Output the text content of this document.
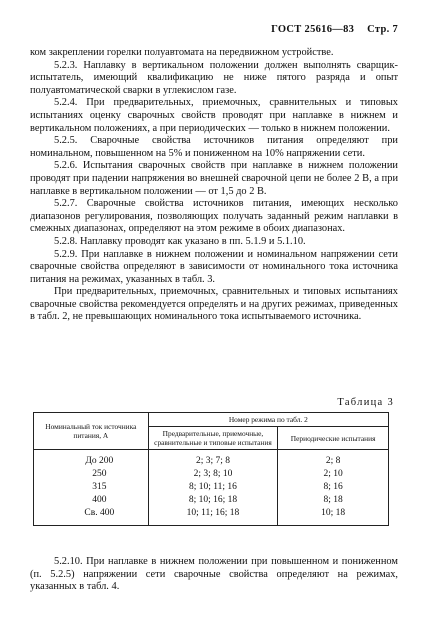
ГОСТ 25616—83 Стр. 7

ком закреплении горелки полуавтомата на передвижном устройстве.

5.2.3. Наплавку в вертикальном положении должен выполнять сварщик-испытатель, имеющий квалификацию не ниже пятого разряда и опыт полуавтоматической сварки в углекислом газе.

5.2.4. При предварительных, приемочных, сравнительных и типовых испытаниях оценку сварочных свойств проводят при наплавке в нижнем и вертикальном положениях, а при периодических — только в нижнем положении.

5.2.5. Сварочные свойства источников питания определяют при номинальном, повышенном на 5% и пониженном на 10% напряжении сети.

5.2.6. Испытания сварочных свойств при наплавке в нижнем положении проводят при падении напряжения во внешней сварочной цепи не более 2 В, а при наплавке в вертикальном положении — от 1,5 до 2 В.

5.2.7. Сварочные свойства источников питания, имеющих несколько диапазонов регулирования, позволяющих получать заданный режим наплавки в смежных диапазонах, определяют на этом режиме в обоих диапазонах.

5.2.8. Наплавку проводят как указано в пп. 5.1.9 и 5.1.10.

5.2.9. При наплавке в нижнем положении и номинальном напряжении сети сварочные свойства определяют в зависимости от номинального тока источника питания на режимах, указанных в табл. 3.

При предварительных, приемочных, сравнительных и типовых испытаниях сварочные свойства рекомендуется определять и на других режимах, приведенных в табл. 2, не превышающих номинального тока испытываемого источника.

Таблица 3
Номинальный ток источника питания, А	Номер режима по табл. 2	
	Предварительные, приемочные, сравнительные и типовые испытания	Периодические испытания
До 200	2; 3; 7; 8	2; 8
250	2; 3; 8; 10	2; 10
315	8; 10; 11; 16	8; 16
400	8; 10; 16; 18	8; 18
Св. 400	10; 11; 16; 18	10; 18

5.2.10. При наплавке в нижнем положении при повышенном и пониженном (п. 5.2.5) напряжении сети сварочные свойства определяют на режимах, указанных в табл. 4.
